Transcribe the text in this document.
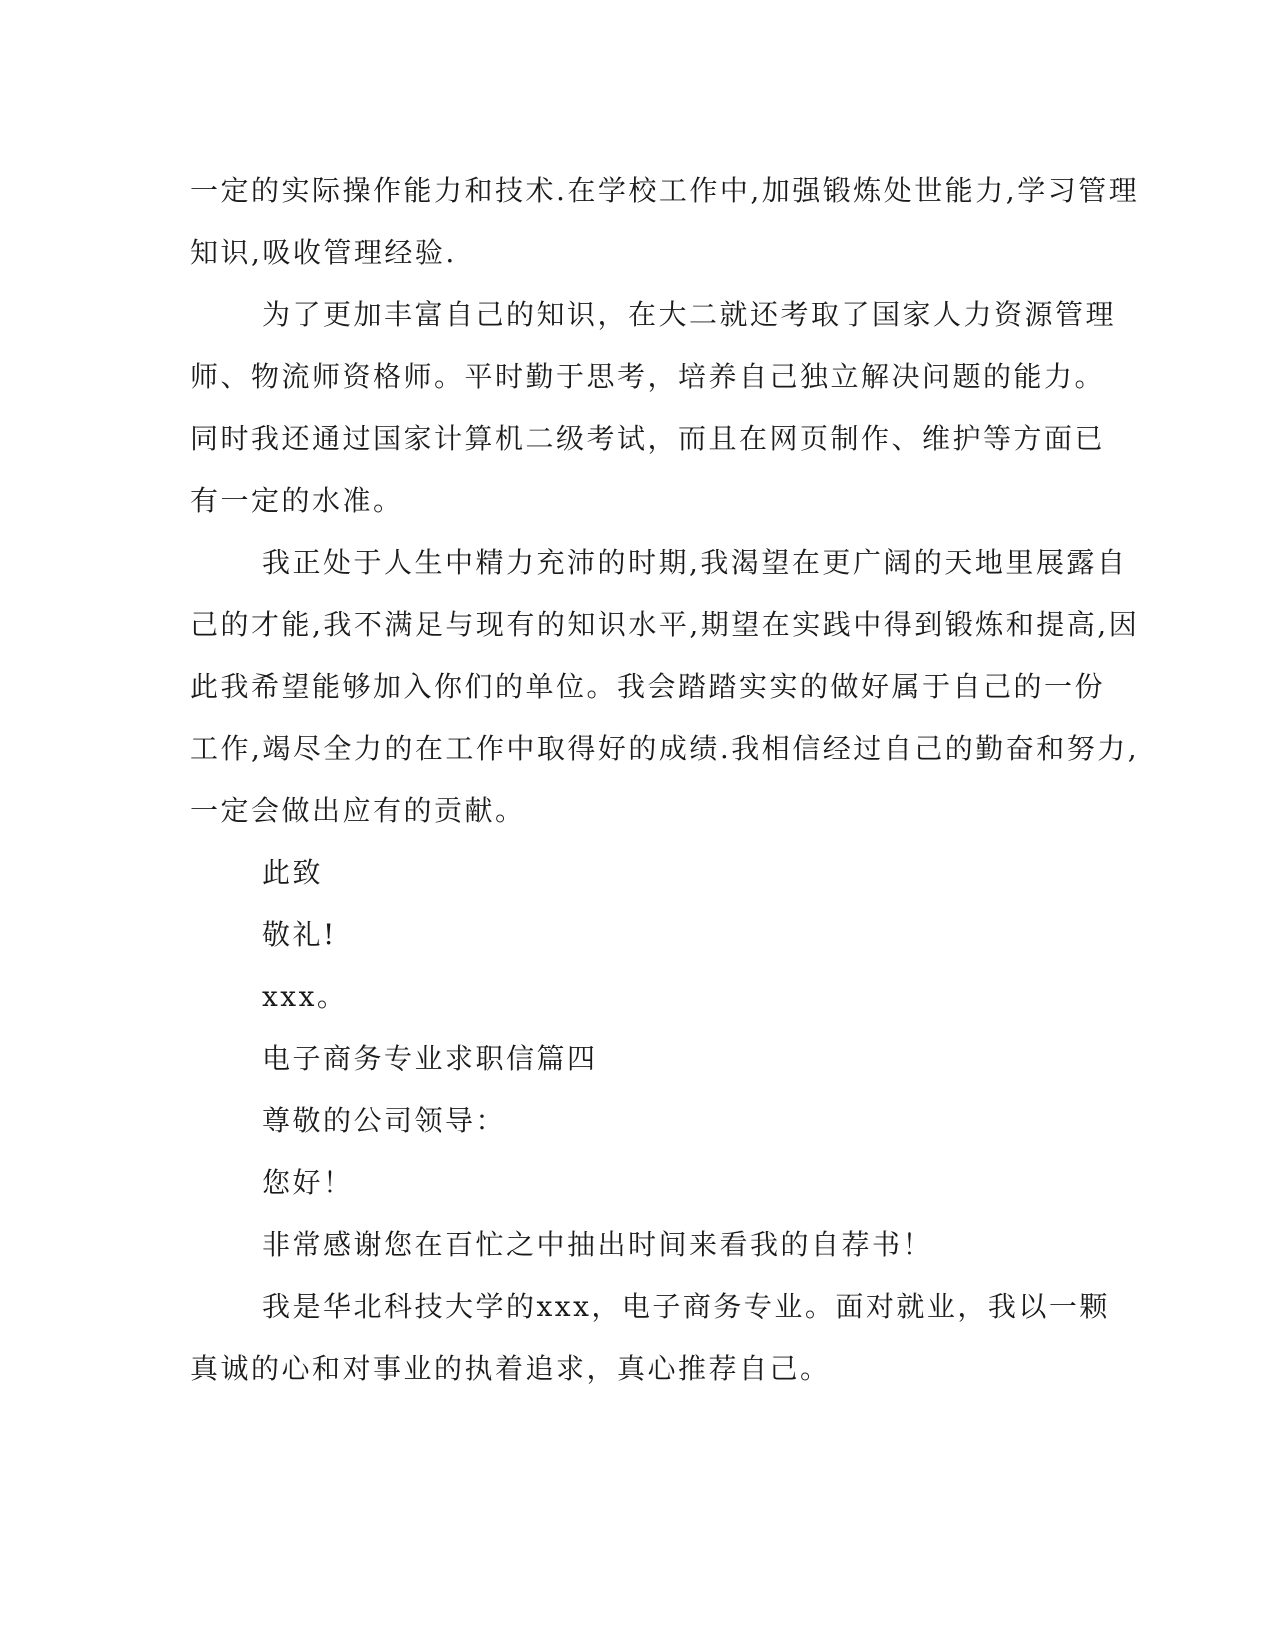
一定的实际操作能力和技术.在学校工作中,加强锻炼处世能力,学习管理
知识,吸收管理经验.

为了更加丰富自己的知识，在大二就还考取了国家人力资源管理
师、物流师资格师。平时勤于思考，培养自己独立解决问题的能力。
同时我还通过国家计算机二级考试，而且在网页制作、维护等方面已
有一定的水准。

我正处于人生中精力充沛的时期,我渴望在更广阔的天地里展露自
己的才能,我不满足与现有的知识水平,期望在实践中得到锻炼和提高,因
此我希望能够加入你们的单位。我会踏踏实实的做好属于自己的一份
工作,竭尽全力的在工作中取得好的成绩.我相信经过自己的勤奋和努力,
一定会做出应有的贡献。

此致

敬礼!

xxx。

电子商务专业求职信篇四

尊敬的公司领导：

您好！

非常感谢您在百忙之中抽出时间来看我的自荐书！

我是华北科技大学的xxx，电子商务专业。面对就业，我以一颗
真诚的心和对事业的执着追求，真心推荐自己。
